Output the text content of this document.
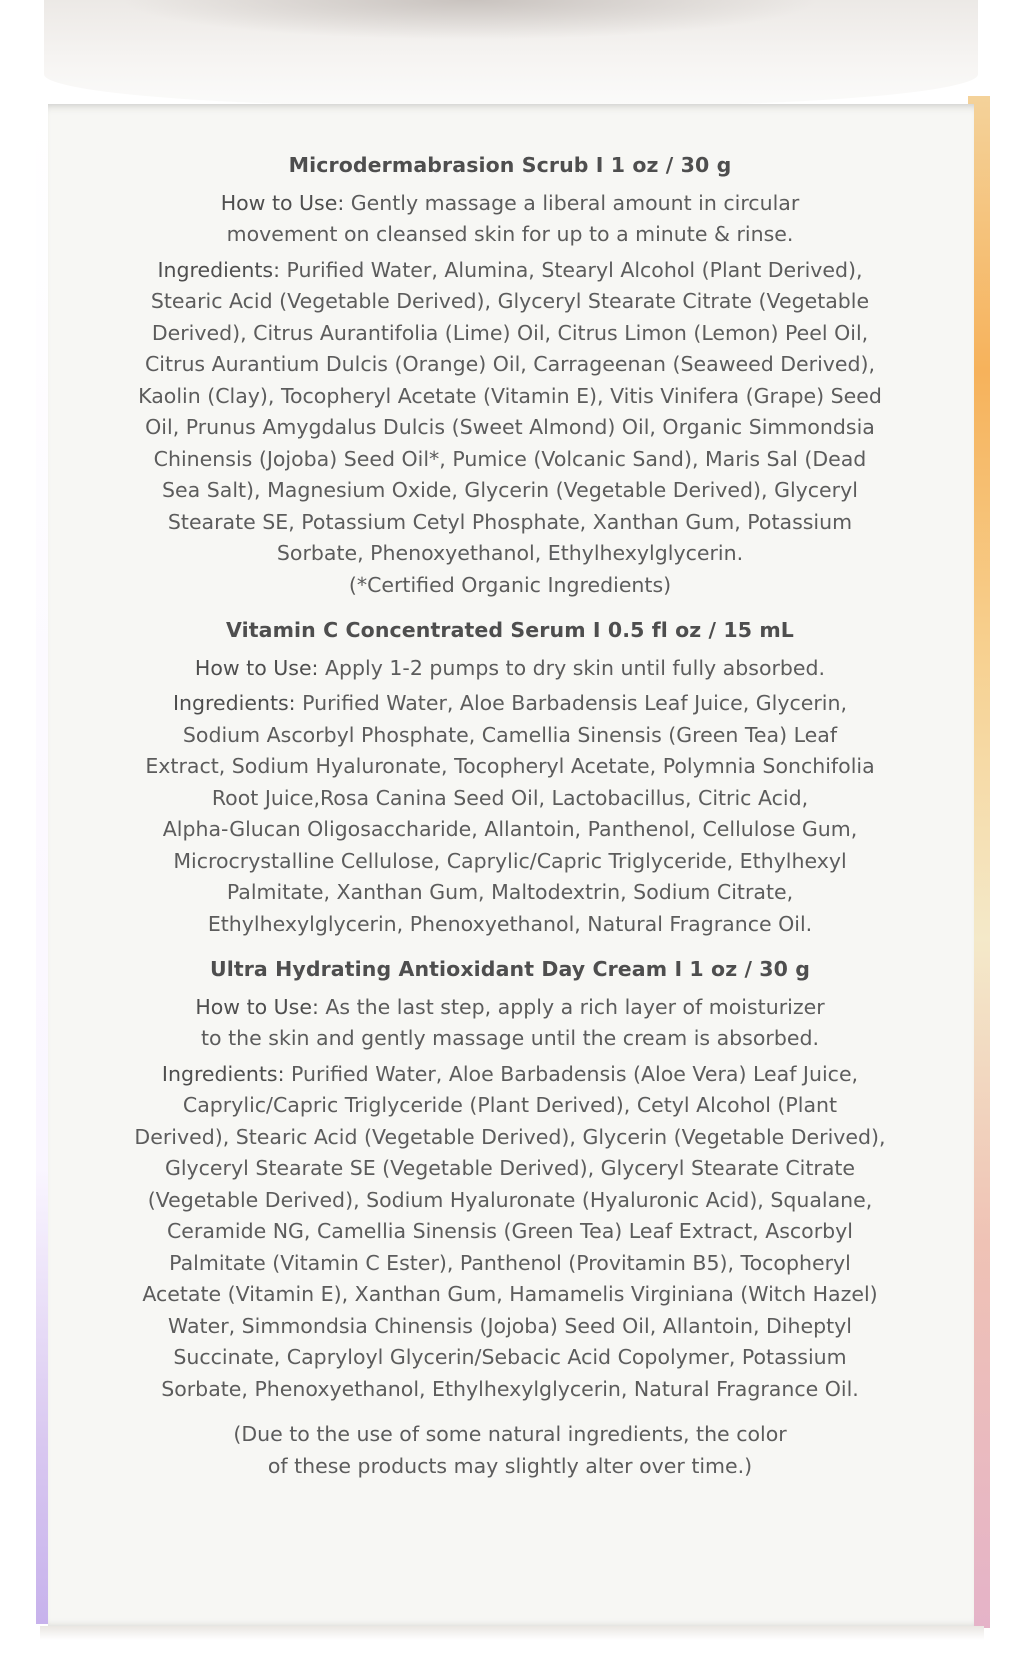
Microdermabrasion Scrub I 1 oz / 30 g
How to Use: Gently massage a liberal amount in circular
movement on cleansed skin for up to a minute & rinse.
Ingredients: Purified Water, Alumina, Stearyl Alcohol (Plant Derived),
Stearic Acid (Vegetable Derived), Glyceryl Stearate Citrate (Vegetable
Derived), Citrus Aurantifolia (Lime) Oil, Citrus Limon (Lemon) Peel Oil,
Citrus Aurantium Dulcis (Orange) Oil, Carrageenan (Seaweed Derived),
Kaolin (Clay), Tocopheryl Acetate (Vitamin E), Vitis Vinifera (Grape) Seed
Oil, Prunus Amygdalus Dulcis (Sweet Almond) Oil, Organic Simmondsia
Chinensis (Jojoba) Seed Oil*, Pumice (Volcanic Sand), Maris Sal (Dead
Sea Salt), Magnesium Oxide, Glycerin (Vegetable Derived), Glyceryl
Stearate SE, Potassium Cetyl Phosphate, Xanthan Gum, Potassium
Sorbate, Phenoxyethanol, Ethylhexylglycerin.
(*Certified Organic Ingredients)
Vitamin C Concentrated Serum I 0.5 fl oz / 15 mL
How to Use: Apply 1-2 pumps to dry skin until fully absorbed.
Ingredients: Purified Water, Aloe Barbadensis Leaf Juice, Glycerin,
Sodium Ascorbyl Phosphate, Camellia Sinensis (Green Tea) Leaf
Extract, Sodium Hyaluronate, Tocopheryl Acetate, Polymnia Sonchifolia
Root Juice,Rosa Canina Seed Oil, Lactobacillus, Citric Acid,
Alpha-Glucan Oligosaccharide, Allantoin, Panthenol, Cellulose Gum,
Microcrystalline Cellulose, Caprylic/Capric Triglyceride, Ethylhexyl
Palmitate, Xanthan Gum, Maltodextrin, Sodium Citrate,
Ethylhexylglycerin, Phenoxyethanol, Natural Fragrance Oil.
Ultra Hydrating Antioxidant Day Cream I 1 oz / 30 g
How to Use: As the last step, apply a rich layer of moisturizer
to the skin and gently massage until the cream is absorbed.
Ingredients: Purified Water, Aloe Barbadensis (Aloe Vera) Leaf Juice,
Caprylic/Capric Triglyceride (Plant Derived), Cetyl Alcohol (Plant
Derived), Stearic Acid (Vegetable Derived), Glycerin (Vegetable Derived),
Glyceryl Stearate SE (Vegetable Derived), Glyceryl Stearate Citrate
(Vegetable Derived), Sodium Hyaluronate (Hyaluronic Acid), Squalane,
Ceramide NG, Camellia Sinensis (Green Tea) Leaf Extract, Ascorbyl
Palmitate (Vitamin C Ester), Panthenol (Provitamin B5), Tocopheryl
Acetate (Vitamin E), Xanthan Gum, Hamamelis Virginiana (Witch Hazel)
Water, Simmondsia Chinensis (Jojoba) Seed Oil, Allantoin, Diheptyl
Succinate, Capryloyl Glycerin/Sebacic Acid Copolymer, Potassium
Sorbate, Phenoxyethanol, Ethylhexylglycerin, Natural Fragrance Oil.
(Due to the use of some natural ingredients, the color
of these products may slightly alter over time.)
